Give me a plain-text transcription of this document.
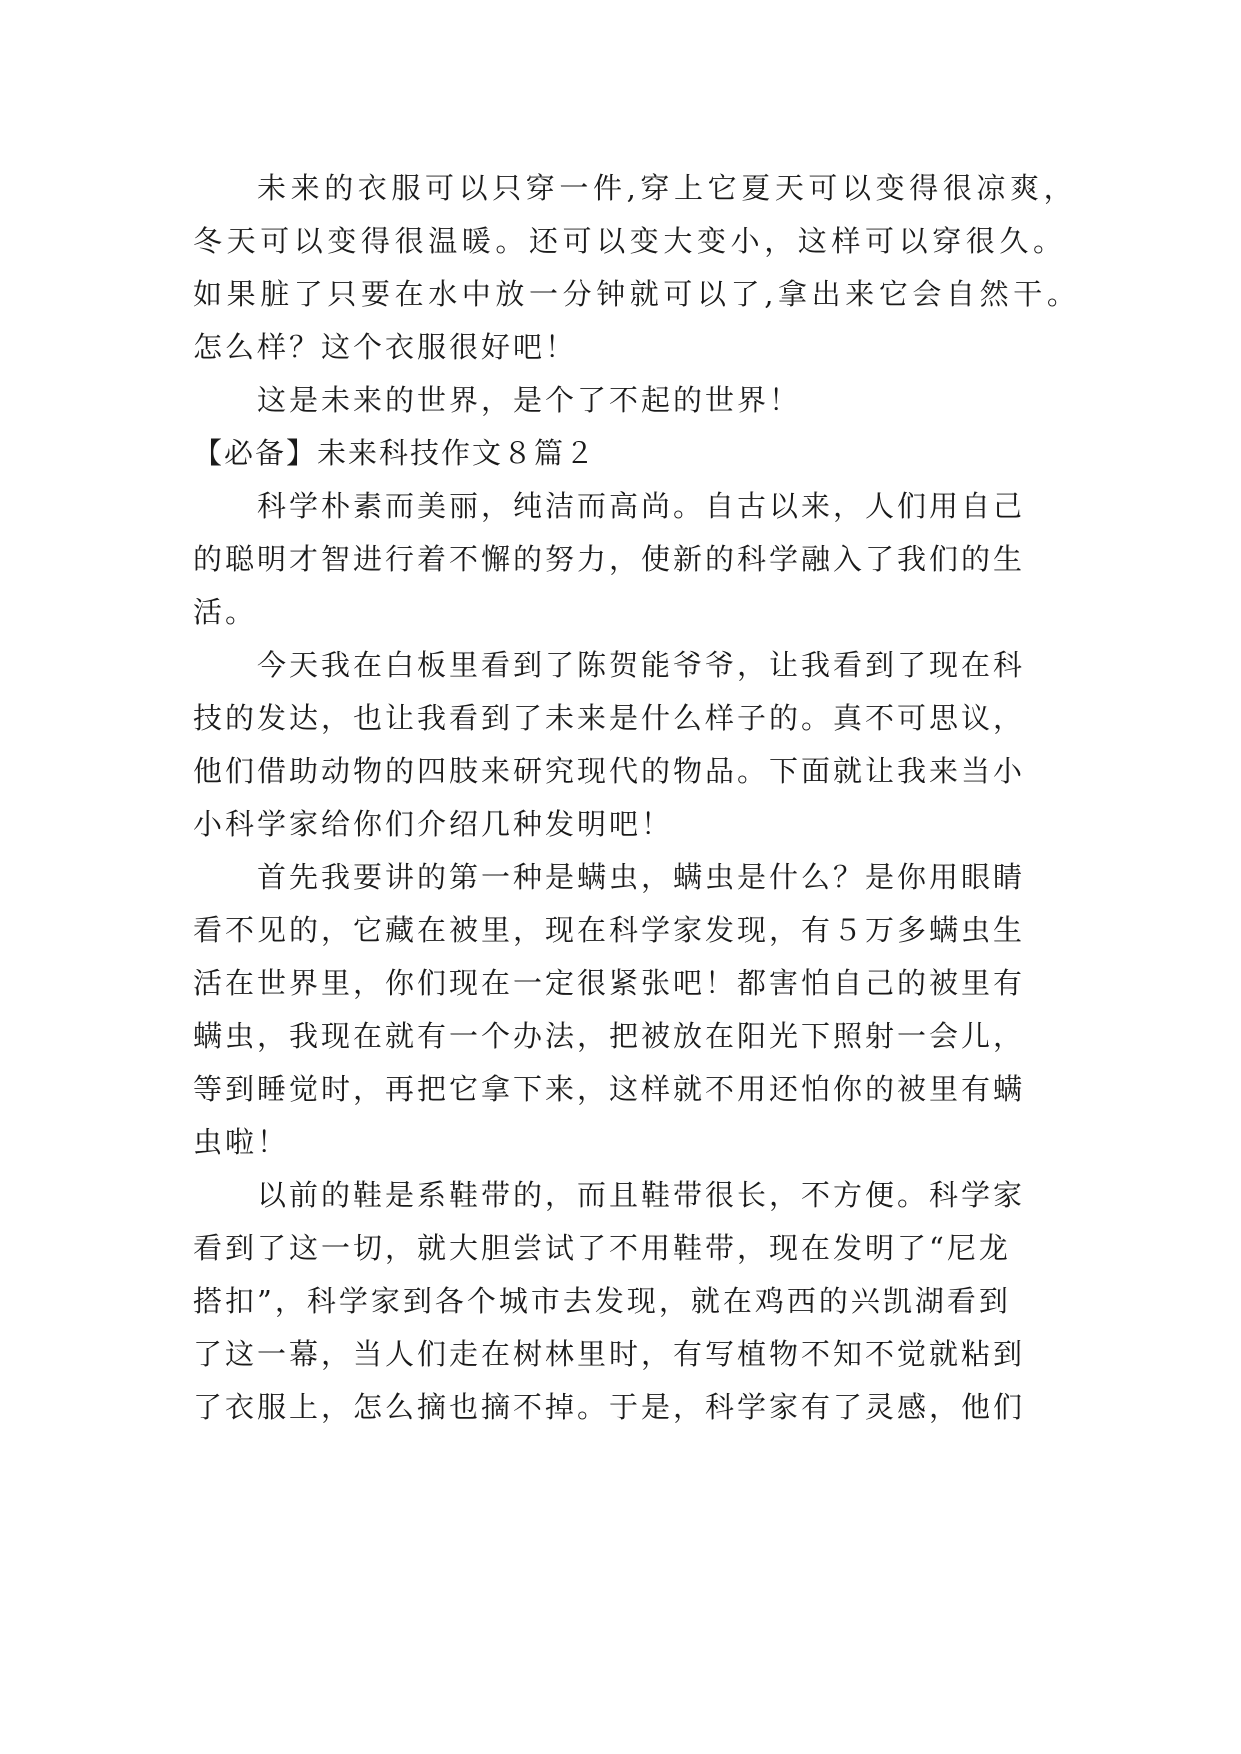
未来的衣服可以只穿一件,穿上它夏天可以变得很凉爽，
冬天可以变得很温暖。还可以变大变小，这样可以穿很久。
如果脏了只要在水中放一分钟就可以了,拿出来它会自然干。
怎么样？这个衣服很好吧！
这是未来的世界，是个了不起的世界！
【必备】未来科技作文８篇２
科学朴素而美丽，纯洁而高尚。自古以来，人们用自己
的聪明才智进行着不懈的努力，使新的科学融入了我们的生
活。
今天我在白板里看到了陈贺能爷爷，让我看到了现在科
技的发达，也让我看到了未来是什么样子的。真不可思议，
他们借助动物的四肢来研究现代的物品。下面就让我来当小
小科学家给你们介绍几种发明吧！
首先我要讲的第一种是螨虫，螨虫是什么？是你用眼睛
看不见的，它藏在被里，现在科学家发现，有５万多螨虫生
活在世界里，你们现在一定很紧张吧！都害怕自己的被里有
螨虫，我现在就有一个办法，把被放在阳光下照射一会儿，
等到睡觉时，再把它拿下来，这样就不用还怕你的被里有螨
虫啦！
以前的鞋是系鞋带的，而且鞋带很长，不方便。科学家
看到了这一切，就大胆尝试了不用鞋带，现在发明了“尼龙
搭扣”，科学家到各个城市去发现，就在鸡西的兴凯湖看到
了这一幕，当人们走在树林里时，有写植物不知不觉就粘到
了衣服上，怎么摘也摘不掉。于是，科学家有了灵感，他们
